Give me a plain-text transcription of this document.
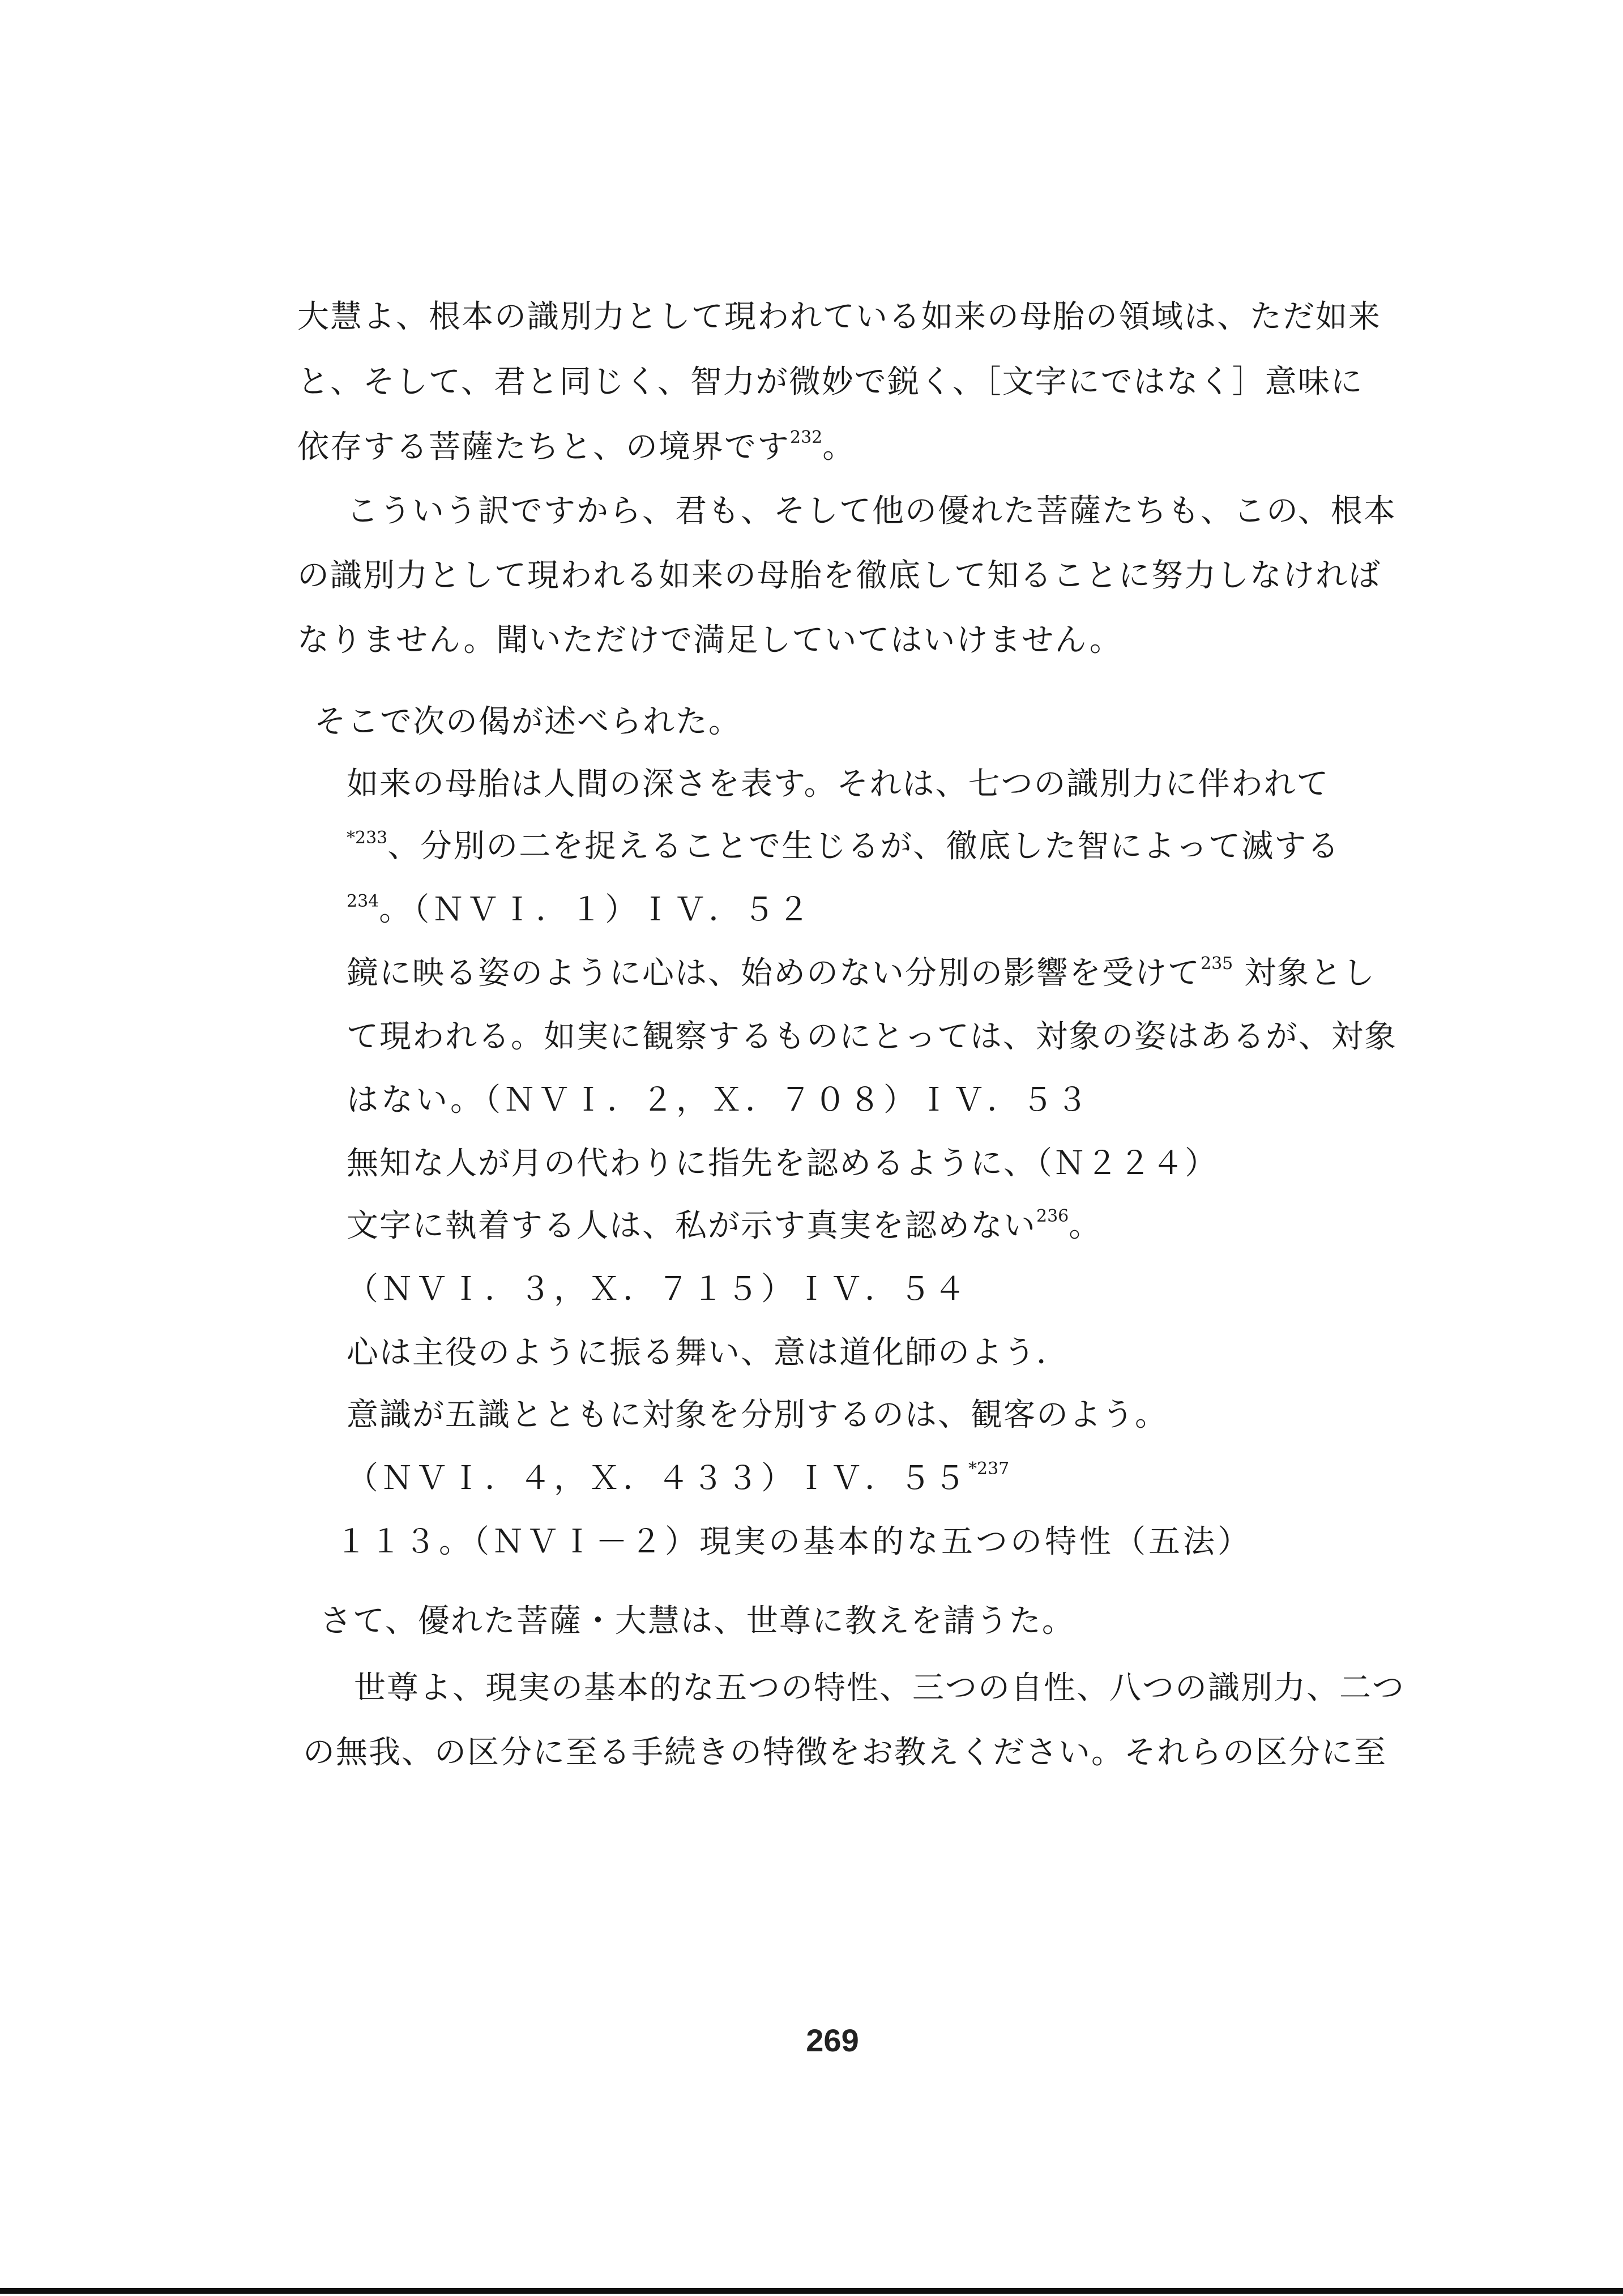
大慧よ、根本の識別力として現われている如来の母胎の領域は、ただ如来
と、そして、君と同じく、智力が微妙で鋭く、［文字にではなく］意味に
依存する菩薩たちと、の境界です$^{232}$。
こういう訳ですから、君も、そして他の優れた菩薩たちも、この、根本
の識別力として現われる如来の母胎を徹底して知ることに努力しなければ
なりません。聞いただけで満足していてはいけません。
そこで次の偈が述べられた。
如来の母胎は人間の深さを表す。それは、七つの識別力に伴われて
$^{*233}$、分別の二を捉えることで生じるが、徹底した智によって滅する
$^{234}$。（ＮＶＩ．１）ＩＶ．５２
鏡に映る姿のように心は、始めのない分別の影響を受けて$^{235}$ 対象とし
て現われる。如実に観察するものにとっては、対象の姿はあるが、対象
はない。（ＮＶＩ．２，Ｘ．７０８）ＩＶ．５３
無知な人が月の代わりに指先を認めるように、（Ｎ２２４）
文字に執着する人は、私が示す真実を認めない$^{236}$。
（ＮＶＩ．３，Ｘ．７１５）ＩＶ．５４
心は主役のように振る舞い、意は道化師のよう．
意識が五識とともに対象を分別するのは、観客のよう。
（ＮＶＩ．４，Ｘ．４３３）ＩＶ．５５$^{*237}$
１１３。（ＮＶＩ－２）現実の基本的な五つの特性（五法）
さて、優れた菩薩・大慧は、世尊に教えを請うた。
世尊よ、現実の基本的な五つの特性、三つの自性、八つの識別力、二つ
の無我、の区分に至る手続きの特徴をお教えください。それらの区分に至
269
